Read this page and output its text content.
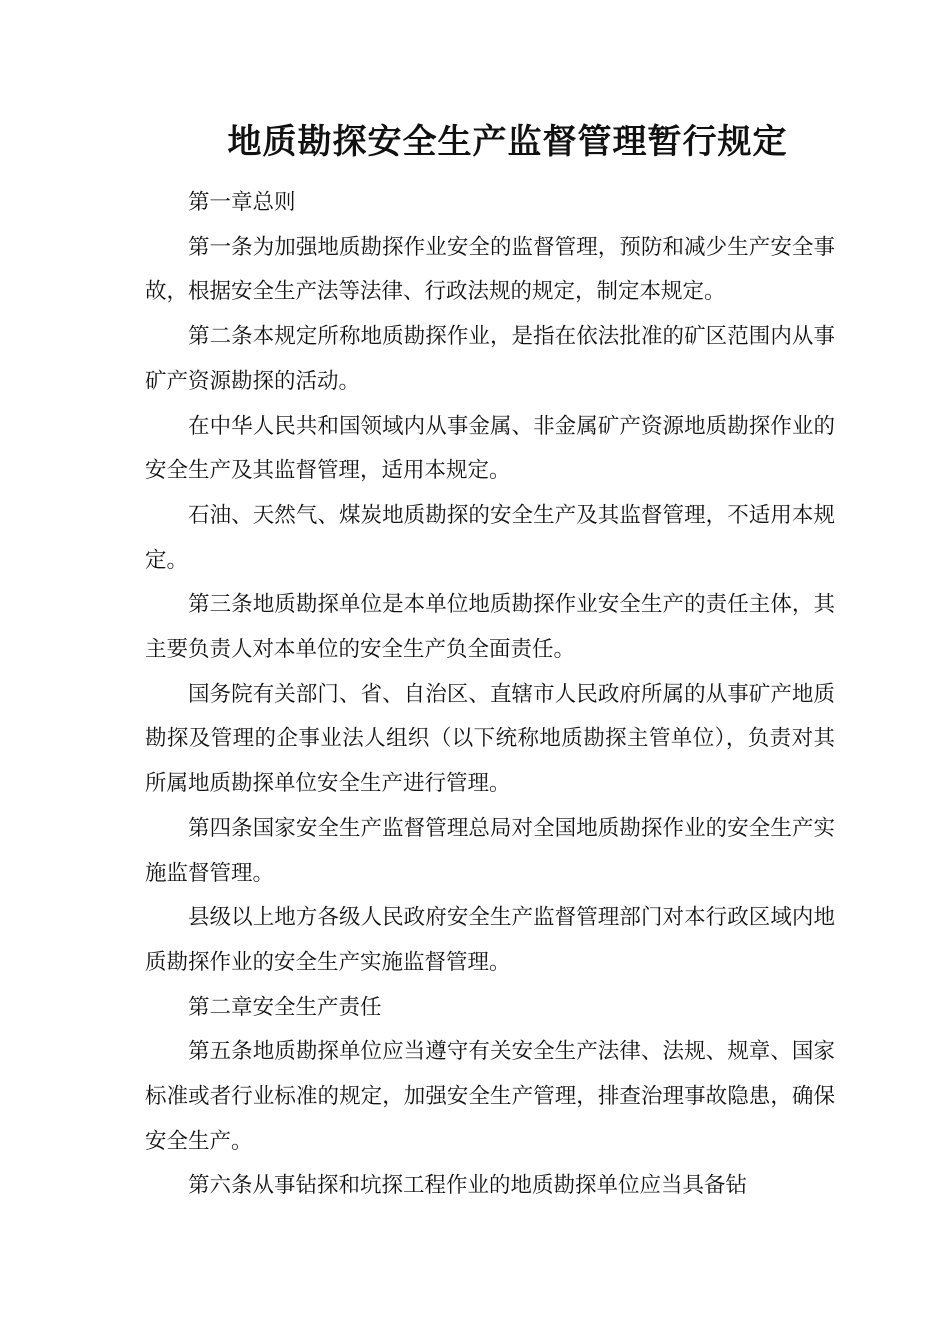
地质勘探安全生产监督管理暂行规定

第一章总则

第一条为加强地质勘探作业安全的监督管理，预防和减少生产安全事故，根据安全生产法等法律、行政法规的规定，制定本规定。

第二条本规定所称地质勘探作业，是指在依法批准的矿区范围内从事矿产资源勘探的活动。

在中华人民共和国领域内从事金属、非金属矿产资源地质勘探作业的安全生产及其监督管理，适用本规定。

石油、天然气、煤炭地质勘探的安全生产及其监督管理，不适用本规定。

第三条地质勘探单位是本单位地质勘探作业安全生产的责任主体，其主要负责人对本单位的安全生产负全面责任。

国务院有关部门、省、自治区、直辖市人民政府所属的从事矿产地质勘探及管理的企事业法人组织（以下统称地质勘探主管单位），负责对其所属地质勘探单位安全生产进行管理。

第四条国家安全生产监督管理总局对全国地质勘探作业的安全生产实施监督管理。

县级以上地方各级人民政府安全生产监督管理部门对本行政区域内地质勘探作业的安全生产实施监督管理。

第二章安全生产责任

第五条地质勘探单位应当遵守有关安全生产法律、法规、规章、国家标准或者行业标准的规定，加强安全生产管理，排查治理事故隐患，确保安全生产。

第六条从事钻探和坑探工程作业的地质勘探单位应当具备钻
